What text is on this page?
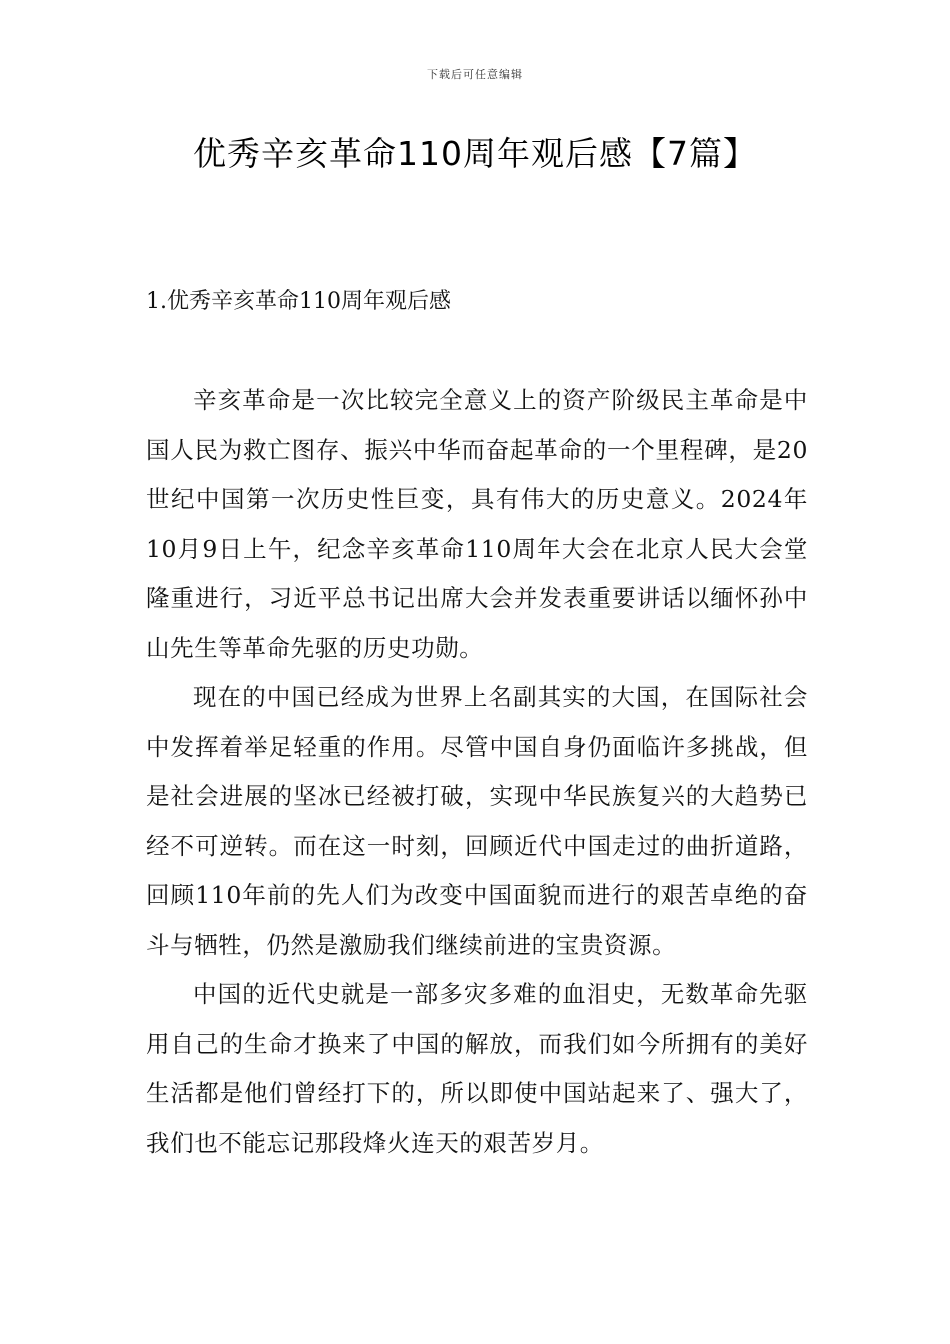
下载后可任意编辑
优秀辛亥革命110周年观后感【7篇】
1.优秀辛亥革命110周年观后感

辛亥革命是一次比较完全意义上的资产阶级民主革命是中国人民为救亡图存、振兴中华而奋起革命的一个里程碑，是20世纪中国第一次历史性巨变，具有伟大的历史意义。2024年10月9日上午，纪念辛亥革命110周年大会在北京人民大会堂隆重进行，习近平总书记出席大会并发表重要讲话以缅怀孙中山先生等革命先驱的历史功勋。

现在的中国已经成为世界上名副其实的大国，在国际社会中发挥着举足轻重的作用。尽管中国自身仍面临许多挑战，但是社会进展的坚冰已经被打破，实现中华民族复兴的大趋势已经不可逆转。而在这一时刻，回顾近代中国走过的曲折道路，回顾110年前的先人们为改变中国面貌而进行的艰苦卓绝的奋斗与牺牲，仍然是激励我们继续前进的宝贵资源。

中国的近代史就是一部多灾多难的血泪史，无数革命先驱用自己的生命才换来了中国的解放，而我们如今所拥有的美好生活都是他们曾经打下的，所以即使中国站起来了、强大了，我们也不能忘记那段烽火连天的艰苦岁月。
